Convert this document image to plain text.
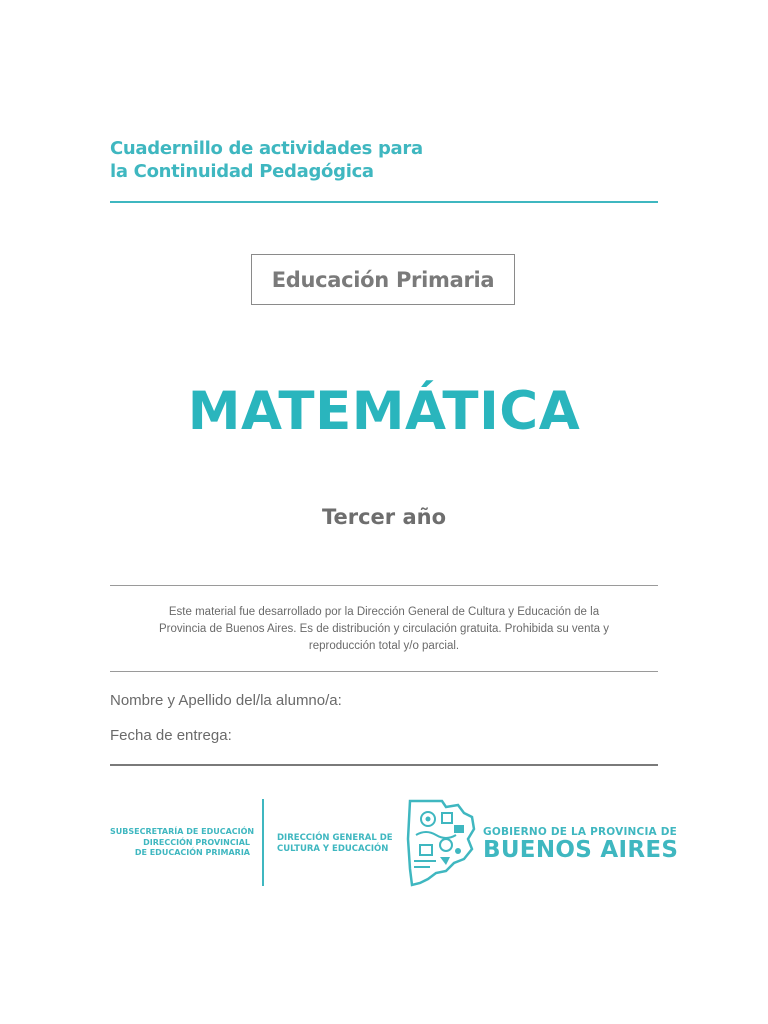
Cuadernillo de actividades para
la Continuidad Pedagógica
Educación Primaria
MATEMÁTICA
Tercer año
Este material fue desarrollado por la Dirección General de Cultura y Educación de la
Provincia de Buenos Aires. Es de distribución y circulación gratuita. Prohibida su venta y
reproducción total y/o parcial.
Nombre y Apellido del/la alumno/a:
Fecha de entrega:
SUBSECRETARÍA DE EDUCACIÓN
DIRECCIÓN PROVINCIAL
DE EDUCACIÓN PRIMARIA
DIRECCIÓN GENERAL DE
CULTURA Y EDUCACIÓN
GOBIERNO DE LA PROVINCIA DE
BUENOS AIRES
